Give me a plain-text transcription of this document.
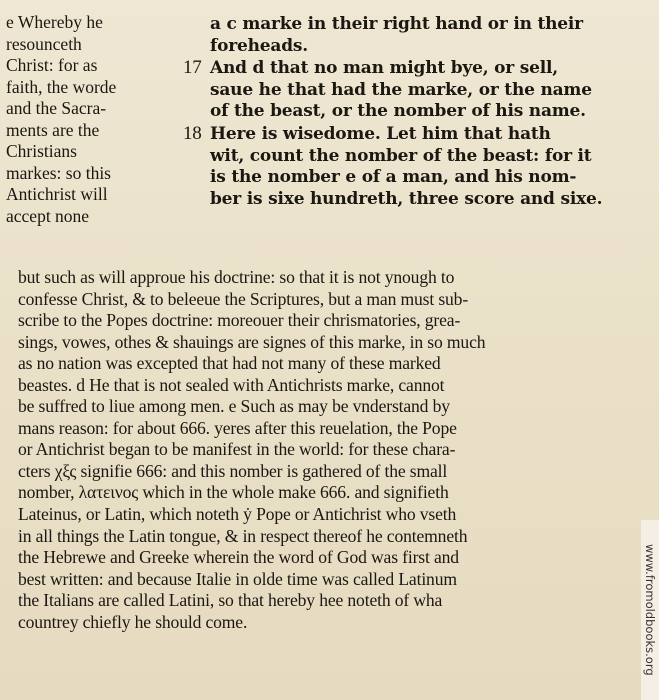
e Whereby he
resounceth
Christ: for as
faith, the worde
and the Sacra-
ments are the
Christians
markes: so this
Antichrist will
accept none
a c marke in their right hand or in their
foreheads.
17 And d that no man might bye, or sell,
saue he that had the marke, or the name
of the beast, or the nomber of his name.
18 Here is wisedome. Let him that hath
wit, count the nomber of the beast: for it
is the nomber e of a man, and his nom-
ber is sixe hundreth, three score and sixe.
but such as will approue his doctrine: so that it is not ynough to
confesse Christ, & to beleeue the Scriptures, but a man must sub-
scribe to the Popes doctrine: moreouer their chrismatories, grea-
sings, vowes, othes & shauings are signes of this marke, in so much
as no nation was excepted that had not many of these marked
beastes. d He that is not sealed with Antichrists marke, cannot
be suffred to liue among men. e Such as may be vnderstand by
mans reason: for about 666. yeres after this reuelation, the Pope
or Antichrist began to be manifest in the world: for these chara-
cters χξς signifie 666: and this nomber is gathered of the small
nomber, λατεινος which in the whole make 666. and signifieth
Lateinus, or Latin, which noteth ẏ Pope or Antichrist who vseth
in all things the Latin tongue, & in respect thereof he contemneth
the Hebrewe and Greeke wherein the word of God was first and
best written: and because Italie in olde time was called Latinum
the Italians are called Latini, so that hereby hee noteth of wha
countrey chiefly he should come.	www.fromoldbooks.org
